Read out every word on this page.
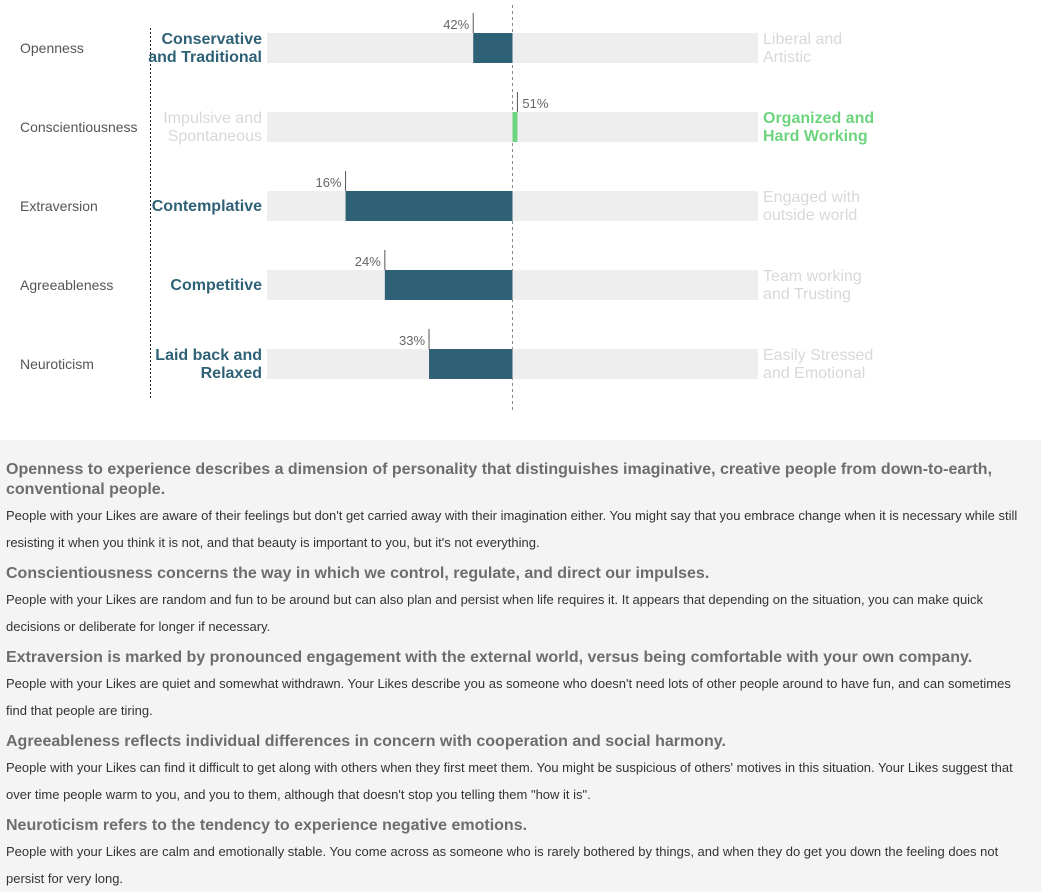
Openness
42%
Conservative and Traditional
Liberal and Artistic
Conscientiousness
51%
Impulsive and Spontaneous
Organized and Hard Working
Extraversion
16%
Contemplative
Engaged with outside world
Agreeableness
24%
Competitive
Team working and Trusting
Neuroticism
33%
Laid back and Relaxed
Easily Stressed and Emotional
Openness to experience describes a dimension of personality that distinguishes imaginative, creative people from down-to-earth, conventional people.

People with your Likes are aware of their feelings but don't get carried away with their imagination either. You might say that you embrace change when it is necessary while still resisting it when you think it is not, and that beauty is important to you, but it's not everything.

Conscientiousness concerns the way in which we control, regulate, and direct our impulses.

People with your Likes are random and fun to be around but can also plan and persist when life requires it. It appears that depending on the situation, you can make quick decisions or deliberate for longer if necessary.

Extraversion is marked by pronounced engagement with the external world, versus being comfortable with your own company.

People with your Likes are quiet and somewhat withdrawn. Your Likes describe you as someone who doesn't need lots of other people around to have fun, and can sometimes find that people are tiring.

Agreeableness reflects individual differences in concern with cooperation and social harmony.

People with your Likes can find it difficult to get along with others when they first meet them. You might be suspicious of others' motives in this situation. Your Likes suggest that over time people warm to you, and you to them, although that doesn't stop you telling them "how it is".

Neuroticism refers to the tendency to experience negative emotions.

People with your Likes are calm and emotionally stable. You come across as someone who is rarely bothered by things, and when they do get you down the feeling does not persist for very long.
